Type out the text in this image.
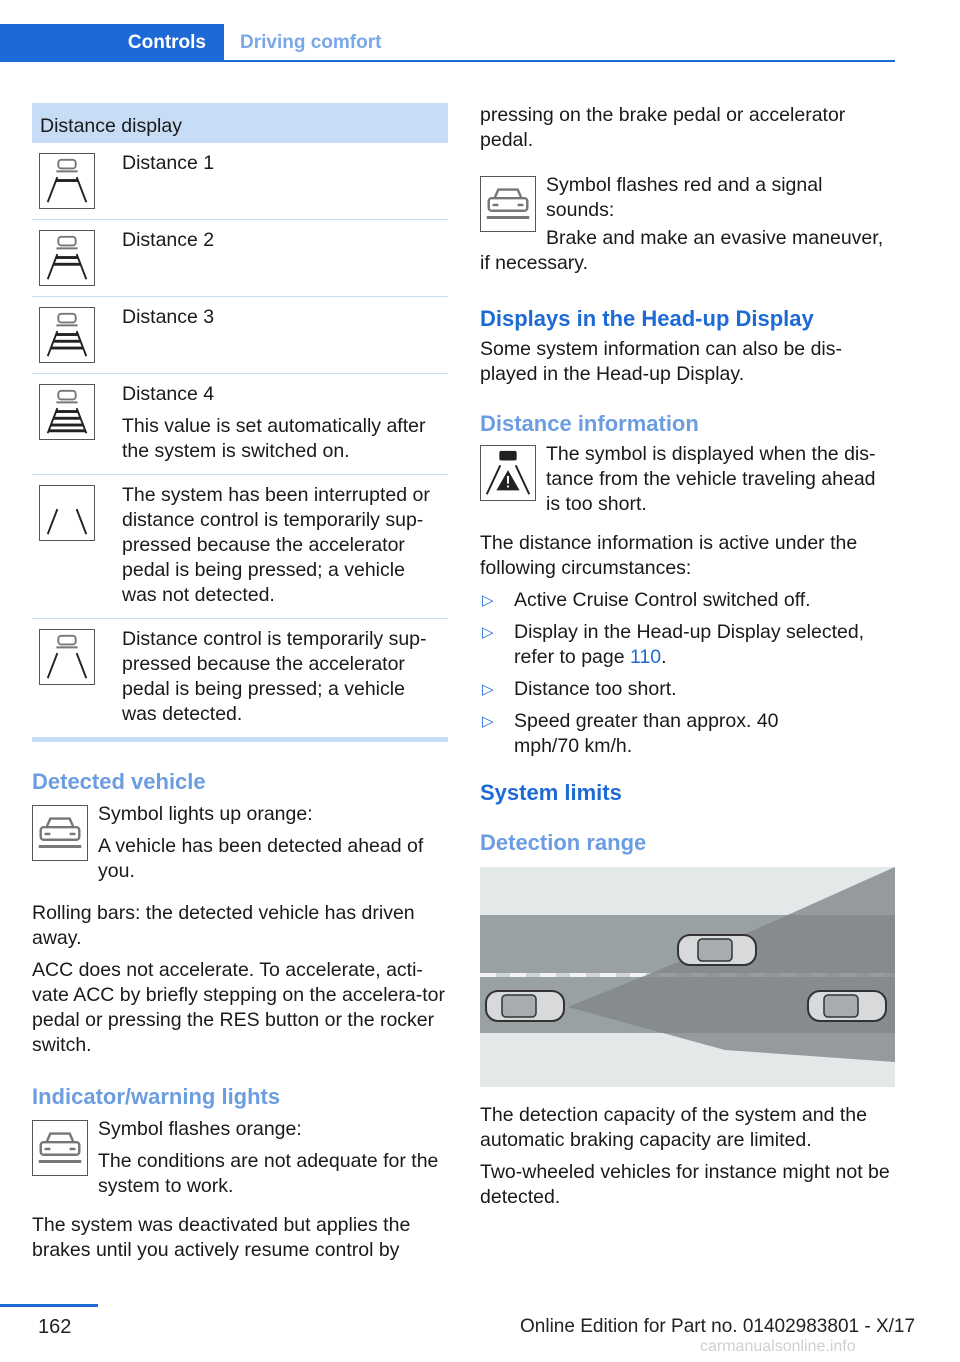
Controls	Driving comfort
Distance display

Distance 1

Distance 2

Distance 3

Distance 4

This value is set automatically after the system is switched on.

The system has been interrupted or distance control is temporarily sup‐pressed because the accelerator pedal is being pressed; a vehicle was not detected.

Distance control is temporarily sup‐pressed because the accelerator pedal is being pressed; a vehicle was detected.

Detected vehicle

Symbol lights up orange:

A vehicle has been detected ahead of you.

Rolling bars: the detected vehicle has driven away.

ACC does not accelerate. To accelerate, acti‐vate ACC by briefly stepping on the accelera‐tor pedal or pressing the RES button or the rocker switch.

Indicator/warning lights

Symbol flashes orange:

The conditions are not adequate for the system to work.

The system was deactivated but applies the brakes until you actively resume control by

pressing on the brake pedal or accelerator pedal.

Symbol flashes red and a signal sounds:

Brake and make an evasive maneuver, if necessary.

Displays in the Head-up Display

Some system information can also be dis‐played in the Head-up Display.

Distance information

The symbol is displayed when the dis‐tance from the vehicle traveling ahead is too short.

The distance information is active under the following circumstances:

▷ Active Cruise Control switched off.
▷ Display in the Head-up Display selected, refer to page 110.
▷ Distance too short.
▷ Speed greater than approx. 40 mph/70 km/h.
System limits
Detection range

The detection capacity of the system and the automatic braking capacity are limited.

Two-wheeled vehicles for instance might not be detected.

162	Online Edition for Part no. 01402983801 - X/17
carmanualsonline.info
